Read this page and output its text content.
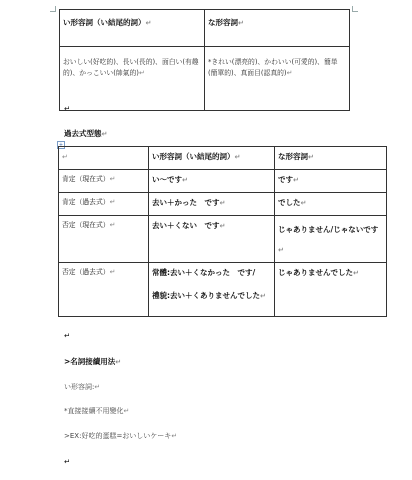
い形容詞（い結尾的詞）↵	な形容詞↵
おいしい(好吃的)、長い(長的)、面白い(有趣的)、かっこいい(帥氣的)↵	*きれい(漂亮的)、かわいい(可愛的)、簡単(簡單的)、真面目(認真的)↵
↵
過去式型態↵
+
↵	い形容詞（い結尾的詞）↵	な形容詞↵
肯定（現在式）↵	い～です↵	です↵
肯定（過去式）↵	去い＋かった　です↵	でした↵
否定（現在式）↵	去い＋くない　です↵	じゃありません/じゃないです↵
否定（過去式）↵	常體:去い＋くなかった　です/
禮貌:去い＋くありませんでした↵	じゃありませんでした↵
↵
>名詞接續用法↵
い形容詞:↵
*直接接續不用變化↵
>EX:好吃的蛋糕=おいしいケーキ↵
↵
